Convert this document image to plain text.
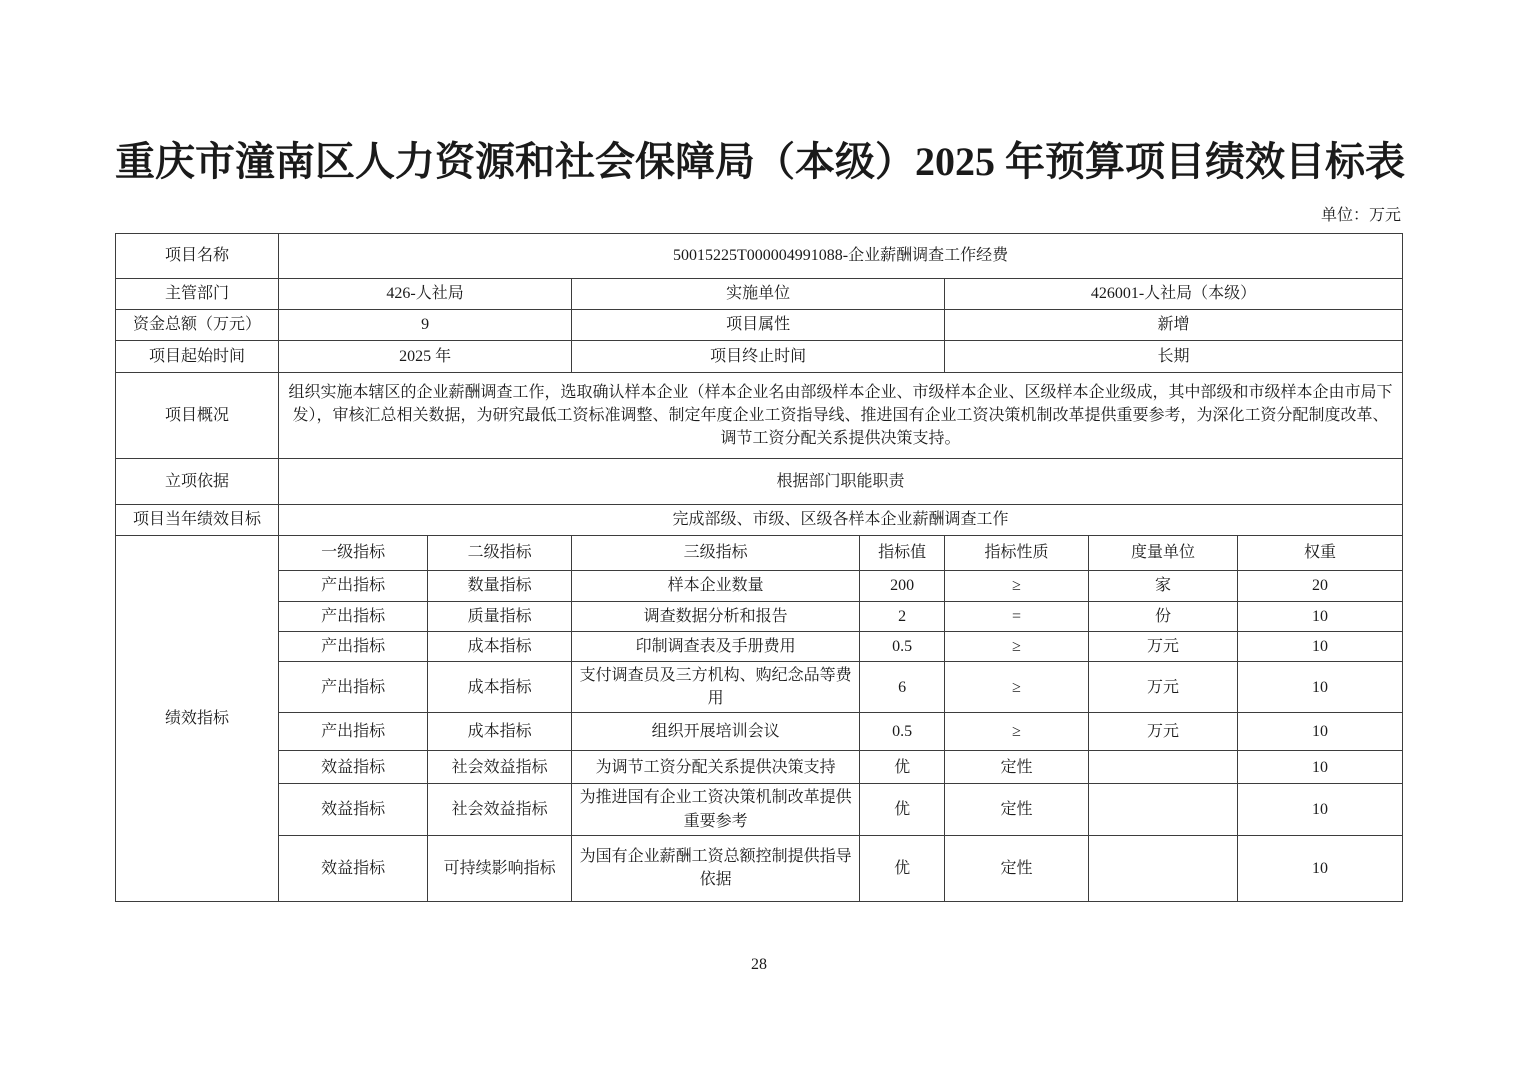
重庆市潼南区人力资源和社会保障局（本级）2025 年预算项目绩效目标表
单位：万元
项目名称	50015225T000004991088-企业薪酬调查工作经费						
主管部门	426-人社局		实施单位		426001-人社局（本级）		
资金总额（万元）	9		项目属性		新增		
项目起始时间	2025 年		项目终止时间		长期		
项目概况	组织实施本辖区的企业薪酬调查工作，选取确认样本企业（样本企业名由部级样本企业、市级样本企业、区级样本企业级成，其中部级和市级样本企由市局下发），审核汇总相关数据，为研究最低工资标准调整、制定年度企业工资指导线、推进国有企业工资决策机制改革提供重要参考，为深化工资分配制度改革、调节工资分配关系提供决策支持。						
立项依据	根据部门职能职责						
项目当年绩效目标	完成部级、市级、区级各样本企业薪酬调查工作						
绩效指标	一级指标	二级指标	三级指标	指标值	指标性质	度量单位	权重
	产出指标	数量指标	样本企业数量	200	≥	家	20
	产出指标	质量指标	调查数据分析和报告	2	=	份	10
	产出指标	成本指标	印制调查表及手册费用	0.5	≥	万元	10
	产出指标	成本指标	支付调查员及三方机构、购纪念品等费用	6	≥	万元	10
	产出指标	成本指标	组织开展培训会议	0.5	≥	万元	10
	效益指标	社会效益指标	为调节工资分配关系提供决策支持	优	定性		10
	效益指标	社会效益指标	为推进国有企业工资决策机制改革提供重要参考	优	定性		10
	效益指标	可持续影响指标	为国有企业薪酬工资总额控制提供指导依据	优	定性		10
28
